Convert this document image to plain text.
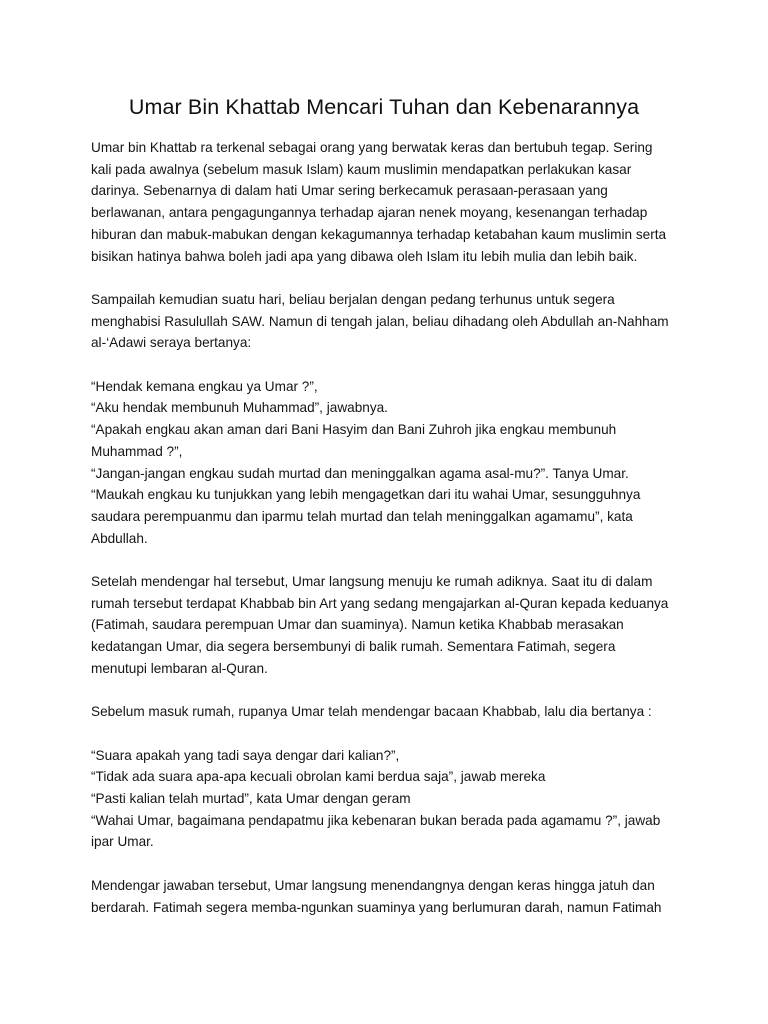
Umar Bin Khattab Mencari Tuhan dan Kebenarannya

Umar bin Khattab ra terkenal sebagai orang yang berwatak keras dan bertubuh tegap. Sering
kali pada awalnya (sebelum masuk Islam) kaum muslimin mendapatkan perlakukan kasar
darinya. Sebenarnya di dalam hati Umar sering berkecamuk perasaan-perasaan yang
berlawanan, antara pengagungannya terhadap ajaran nenek moyang, kesenangan terhadap
hiburan dan mabuk-mabukan dengan kekagumannya terhadap ketabahan kaum muslimin serta
bisikan hatinya bahwa boleh jadi apa yang dibawa oleh Islam itu lebih mulia dan lebih baik.

Sampailah kemudian suatu hari, beliau berjalan dengan pedang terhunus untuk segera
menghabisi Rasulullah SAW. Namun di tengah jalan, beliau dihadang oleh Abdullah an-Nahham
al-‘Adawi seraya bertanya:

“Hendak kemana engkau ya Umar ?”,
“Aku hendak membunuh Muhammad”, jawabnya.
“Apakah engkau akan aman dari Bani Hasyim dan Bani Zuhroh jika engkau membunuh
Muhammad ?”,
“Jangan-jangan engkau sudah murtad dan meninggalkan agama asal-mu?”. Tanya Umar.
“Maukah engkau ku tunjukkan yang lebih mengagetkan dari itu wahai Umar, sesungguhnya
saudara perempuanmu dan iparmu telah murtad dan telah meninggalkan agamamu”, kata
Abdullah.

Setelah mendengar hal tersebut, Umar langsung menuju ke rumah adiknya. Saat itu di dalam
rumah tersebut terdapat Khabbab bin Art yang sedang mengajarkan al-Quran kepada keduanya
(Fatimah, saudara perempuan Umar dan suaminya). Namun ketika Khabbab merasakan
kedatangan Umar, dia segera bersembunyi di balik rumah. Sementara Fatimah, segera
menutupi lembaran al-Quran.

Sebelum masuk rumah, rupanya Umar telah mendengar bacaan Khabbab, lalu dia bertanya :

“Suara apakah yang tadi saya dengar dari kalian?”,
“Tidak ada suara apa-apa kecuali obrolan kami berdua saja”, jawab mereka
“Pasti kalian telah murtad”, kata Umar dengan geram
“Wahai Umar, bagaimana pendapatmu jika kebenaran bukan berada pada agamamu ?”, jawab
ipar Umar.

Mendengar jawaban tersebut, Umar langsung menendangnya dengan keras hingga jatuh dan
berdarah. Fatimah segera memba-ngunkan suaminya yang berlumuran darah, namun Fatimah
